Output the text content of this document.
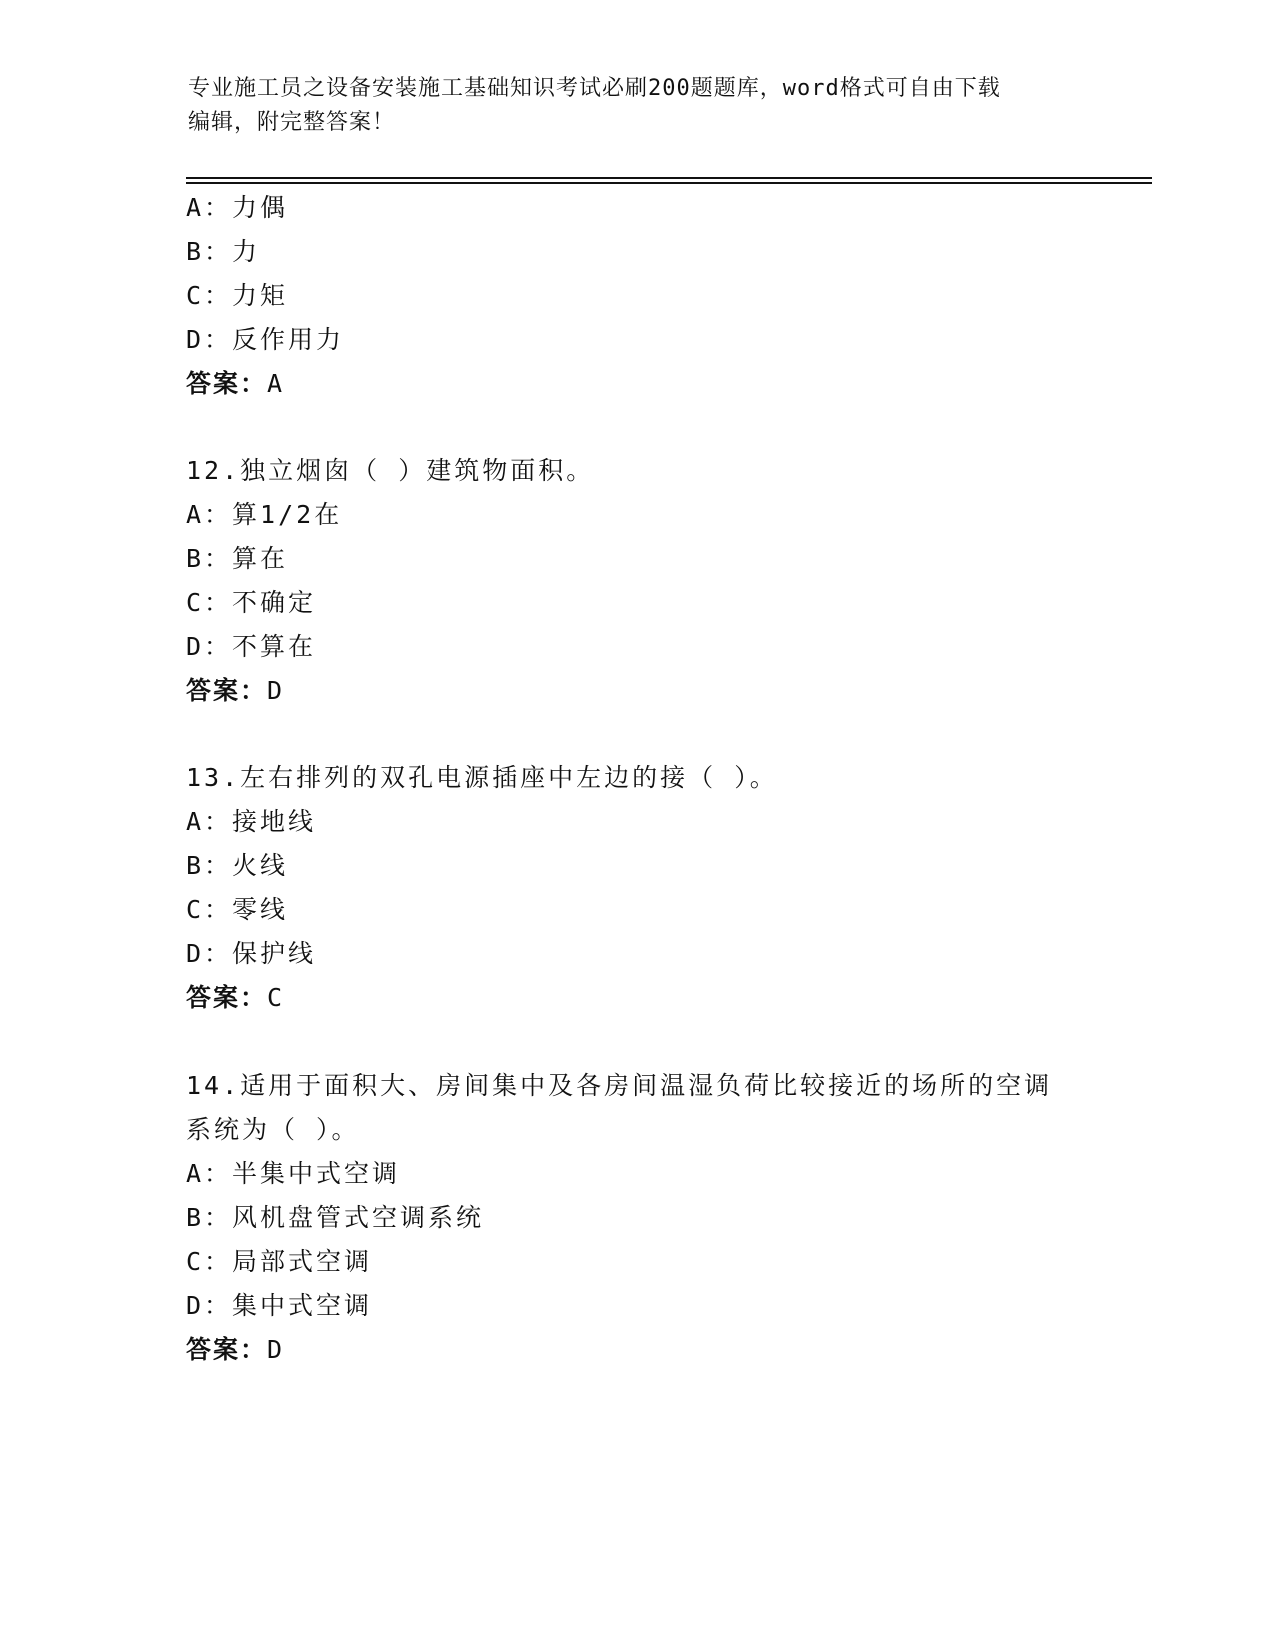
专业施工员之设备安装施工基础知识考试必刷200题题库，word格式可自由下载
编辑，附完整答案！
A：力偶
B：力
C：力矩
D：反作用力
答案：A
12.独立烟囱（ ）建筑物面积。
A：算1/2在
B：算在
C：不确定
D：不算在
答案：D
13.左右排列的双孔电源插座中左边的接（ ）。
A：接地线
B：火线
C：零线
D：保护线
答案：C
14.适用于面积大、房间集中及各房间温湿负荷比较接近的场所的空调
系统为（ ）。
A：半集中式空调
B：风机盘管式空调系统
C：局部式空调
D：集中式空调
答案：D
